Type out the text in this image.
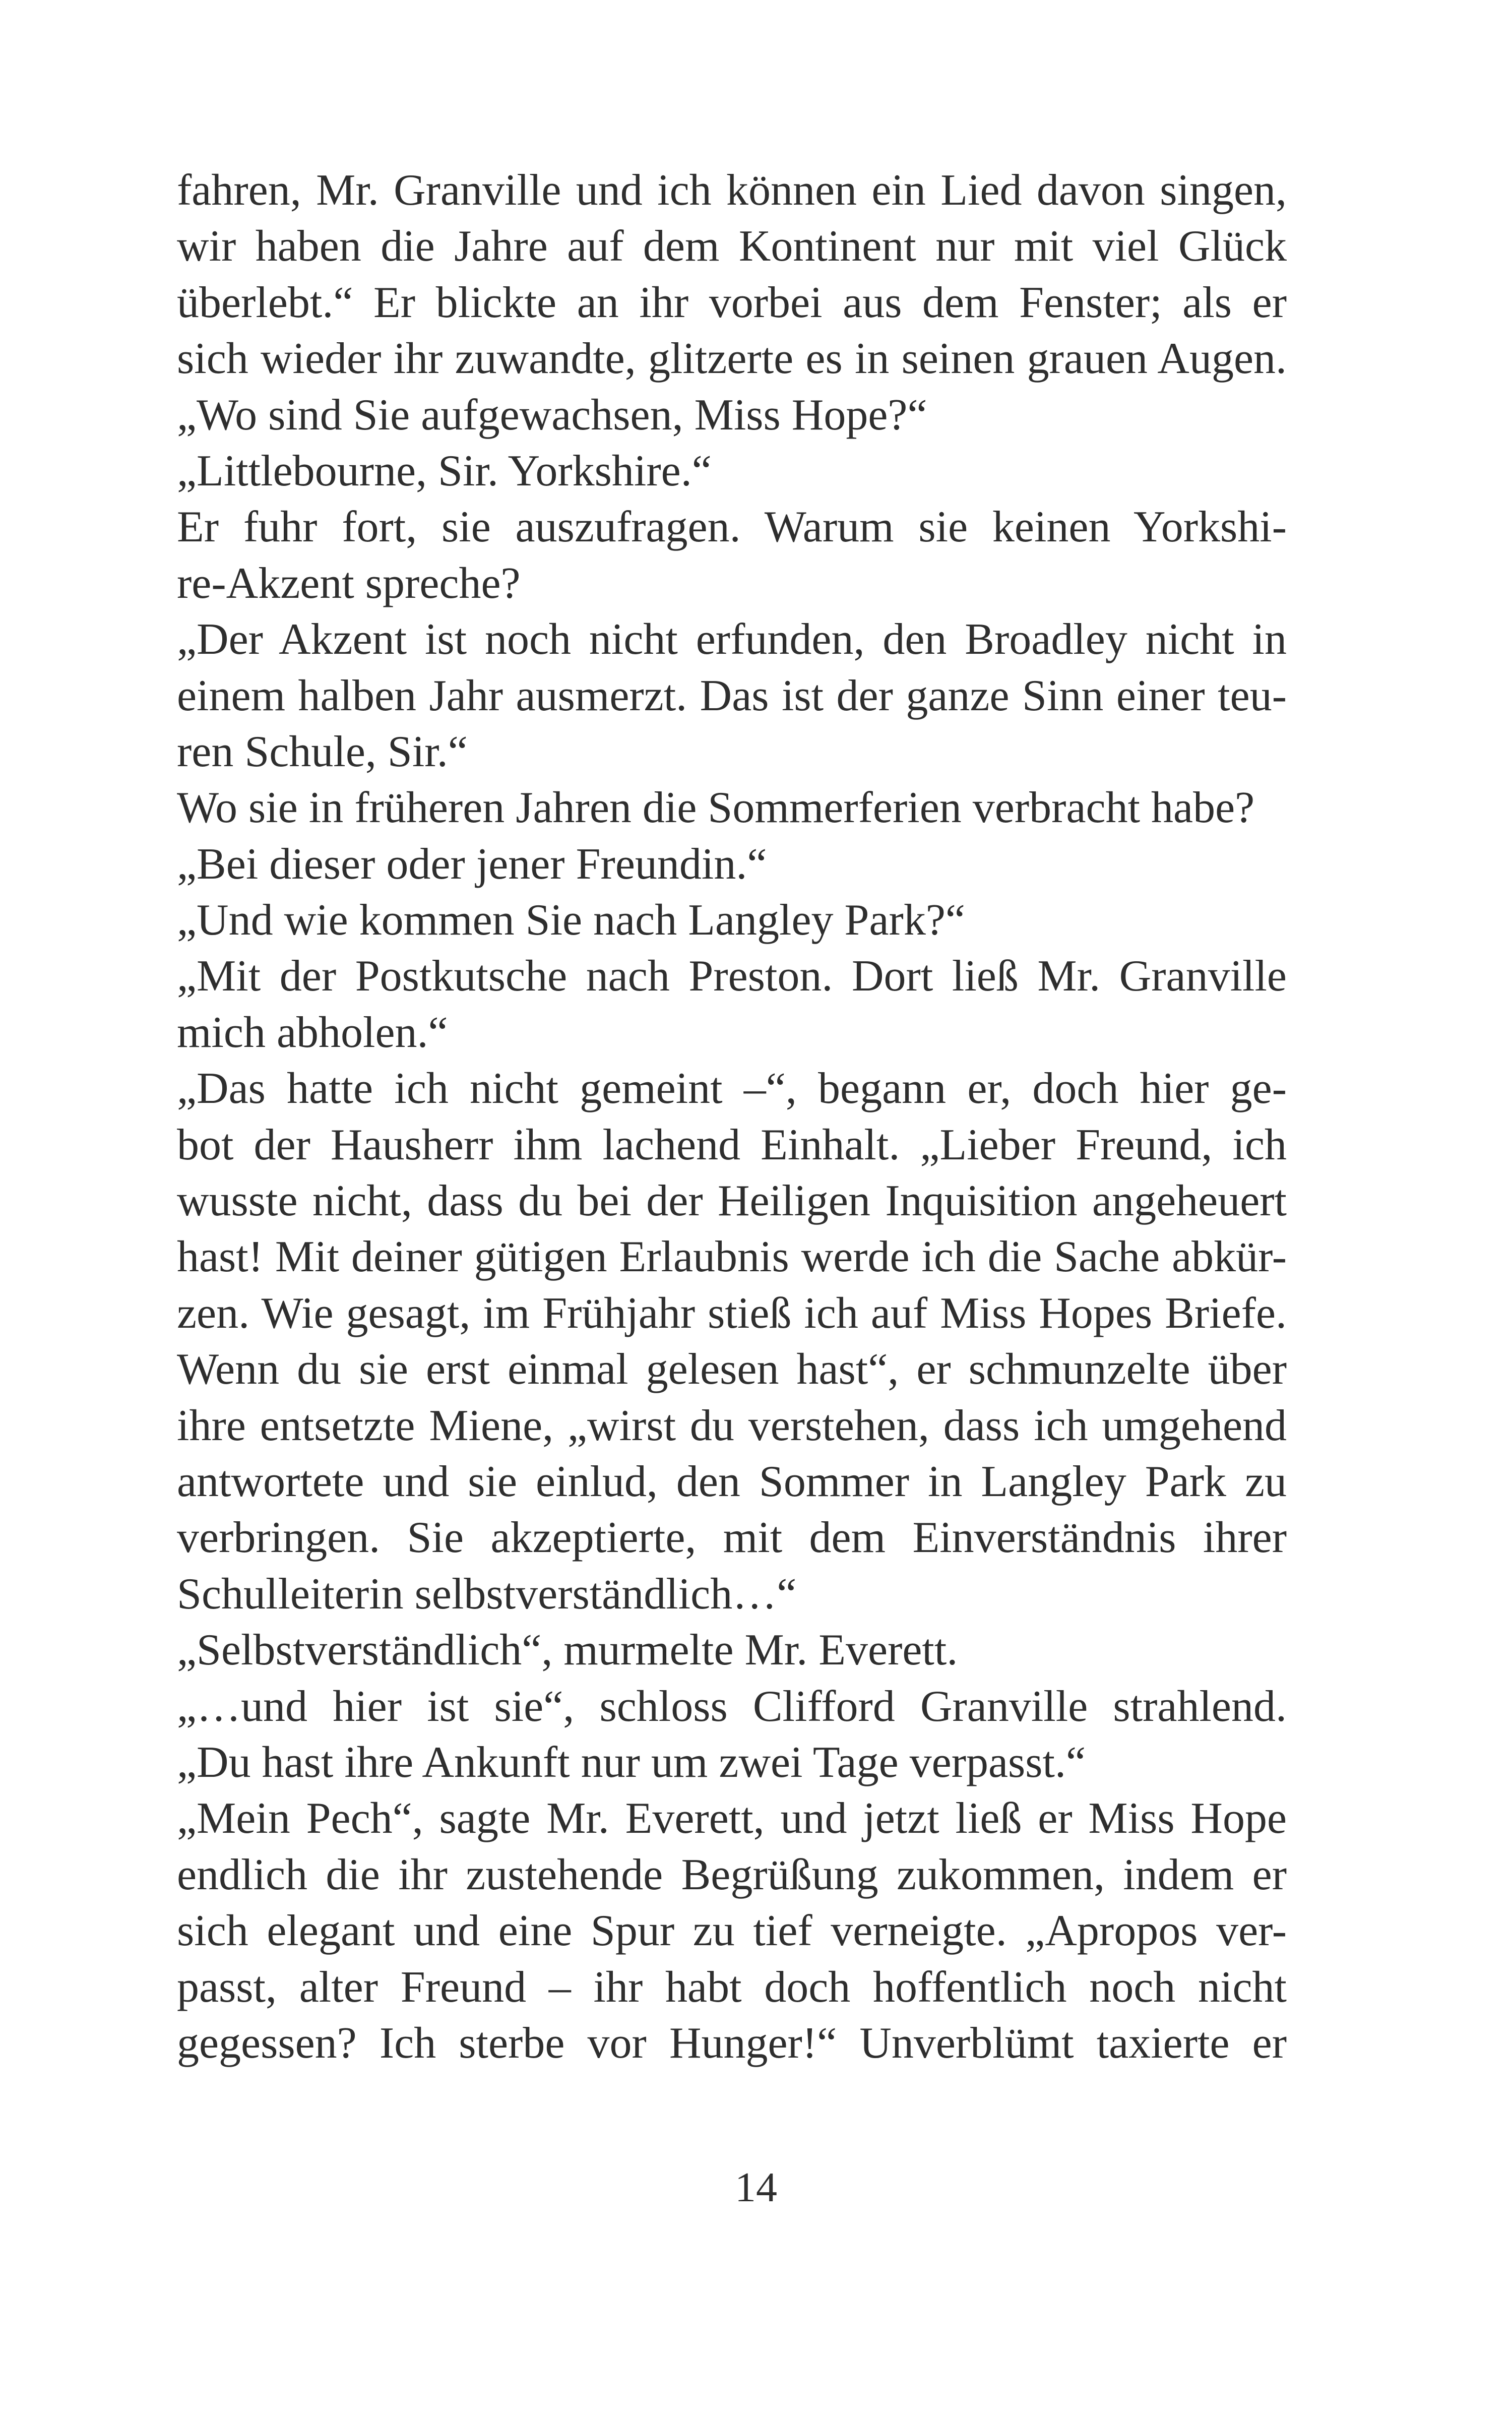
fahren, Mr. Granville und ich können ein Lied davon singen,
wir haben die Jahre auf dem Kontinent nur mit viel Glück
überlebt.“ Er blickte an ihr vorbei aus dem Fenster; als er
sich wieder ihr zuwandte, glitzerte es in seinen grauen Augen.
„Wo sind Sie aufgewachsen, Miss Hope?“
„Littlebourne, Sir. Yorkshire.“
Er fuhr fort, sie auszufragen. Warum sie keinen Yorkshi-
re-Akzent spreche?
„Der Akzent ist noch nicht erfunden, den Broadley nicht in
einem halben Jahr ausmerzt. Das ist der ganze Sinn einer teu-
ren Schule, Sir.“
Wo sie in früheren Jahren die Sommerferien verbracht habe?
„Bei dieser oder jener Freundin.“
„Und wie kommen Sie nach Langley Park?“
„Mit der Postkutsche nach Preston. Dort ließ Mr. Granville
mich abholen.“
„Das hatte ich nicht gemeint –“, begann er, doch hier ge-
bot der Hausherr ihm lachend Einhalt. „Lieber Freund, ich
wusste nicht, dass du bei der Heiligen Inquisition angeheuert
hast! Mit deiner gütigen Erlaubnis werde ich die Sache abkür-
zen. Wie gesagt, im Frühjahr stieß ich auf Miss Hopes Briefe.
Wenn du sie erst einmal gelesen hast“, er schmunzelte über
ihre entsetzte Miene, „wirst du verstehen, dass ich umgehend
antwortete und sie einlud, den Sommer in Langley Park zu
verbringen. Sie akzeptierte, mit dem Einverständnis ihrer
Schulleiterin selbstverständlich…“
„Selbstverständlich“, murmelte Mr. Everett.
„…und hier ist sie“, schloss Clifford Granville strahlend.
„Du hast ihre Ankunft nur um zwei Tage verpasst.“
„Mein Pech“, sagte Mr. Everett, und jetzt ließ er Miss Hope
endlich die ihr zustehende Begrüßung zukommen, indem er
sich elegant und eine Spur zu tief verneigte. „Apropos ver-
passt, alter Freund – ihr habt doch hoffentlich noch nicht
gegessen? Ich sterbe vor Hunger!“ Unverblümt taxierte er
14
